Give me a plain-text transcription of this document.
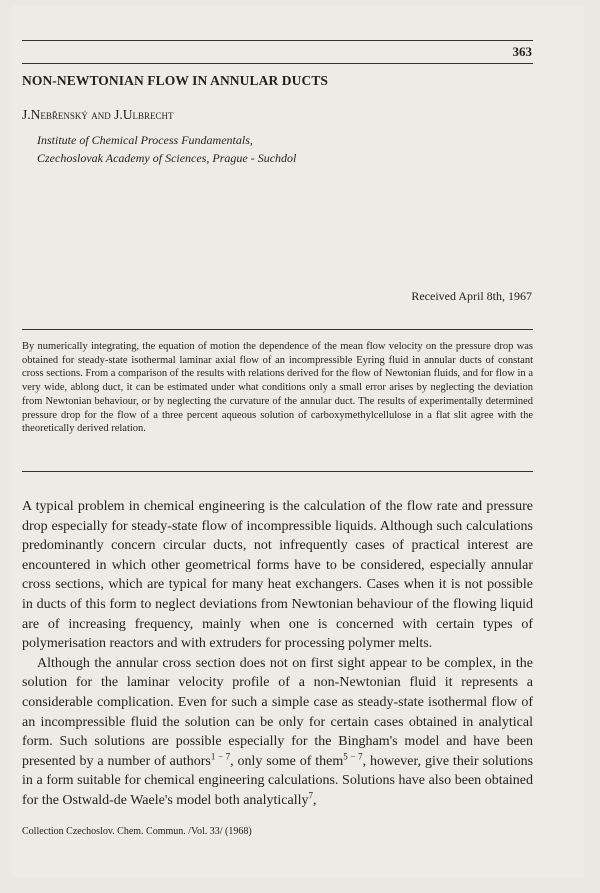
363
NON-NEWTONIAN FLOW IN ANNULAR DUCTS
J.Nebřenský and J.Ulbrecht
Institute of Chemical Process Fundamentals,
Czechoslovak Academy of Sciences, Prague - Suchdol
Received April 8th, 1967
By numerically integrating, the equation of motion the dependence of the mean flow velocity on the pressure drop was obtained for steady-state isothermal laminar axial flow of an incompressible Eyring fluid in annular ducts of constant cross sections. From a comparison of the results with relations derived for the flow of Newtonian fluids, and for flow in a very wide, ablong duct, it can be estimated under what conditions only a small error arises by neglecting the deviation from Newtonian behaviour, or by neglecting the curvature of the annular duct. The results of experimentally determined pressure drop for the flow of a three percent aqueous solution of carboxymethylcellulose in a flat slit agree with the theoretically derived relation.

A typical problem in chemical engineering is the calculation of the flow rate and pressure drop especially for steady-state flow of incompressible liquids. Although such calculations predominantly concern circular ducts, not infrequently cases of practical interest are encountered in which other geometrical forms have to be considered, especially annular cross sections, which are typical for many heat exchangers. Cases when it is not possible in ducts of this form to neglect deviations from Newtonian behaviour of the flowing liquid are of increasing frequency, mainly when one is concerned with certain types of polymerisation reactors and with extruders for processing polymer melts.

Although the annular cross section does not on first sight appear to be complex, in the solution for the laminar velocity profile of a non-Newtonian fluid it represents a considerable complication. Even for such a simple case as steady-state isothermal flow of an incompressible fluid the solution can be only for certain cases obtained in analytical form. Such solutions are possible especially for the Bingham's model and have been presented by a number of authors$^{1 - 7}$, only some of them$^{5 - 7}$, however, give their solutions in a form suitable for chemical engineering calculations. Solutions have also been obtained for the Ostwald-de Waele's model both analytically$^7$,

Collection Czechoslov. Chem. Commun. /Vol. 33/ (1968)
